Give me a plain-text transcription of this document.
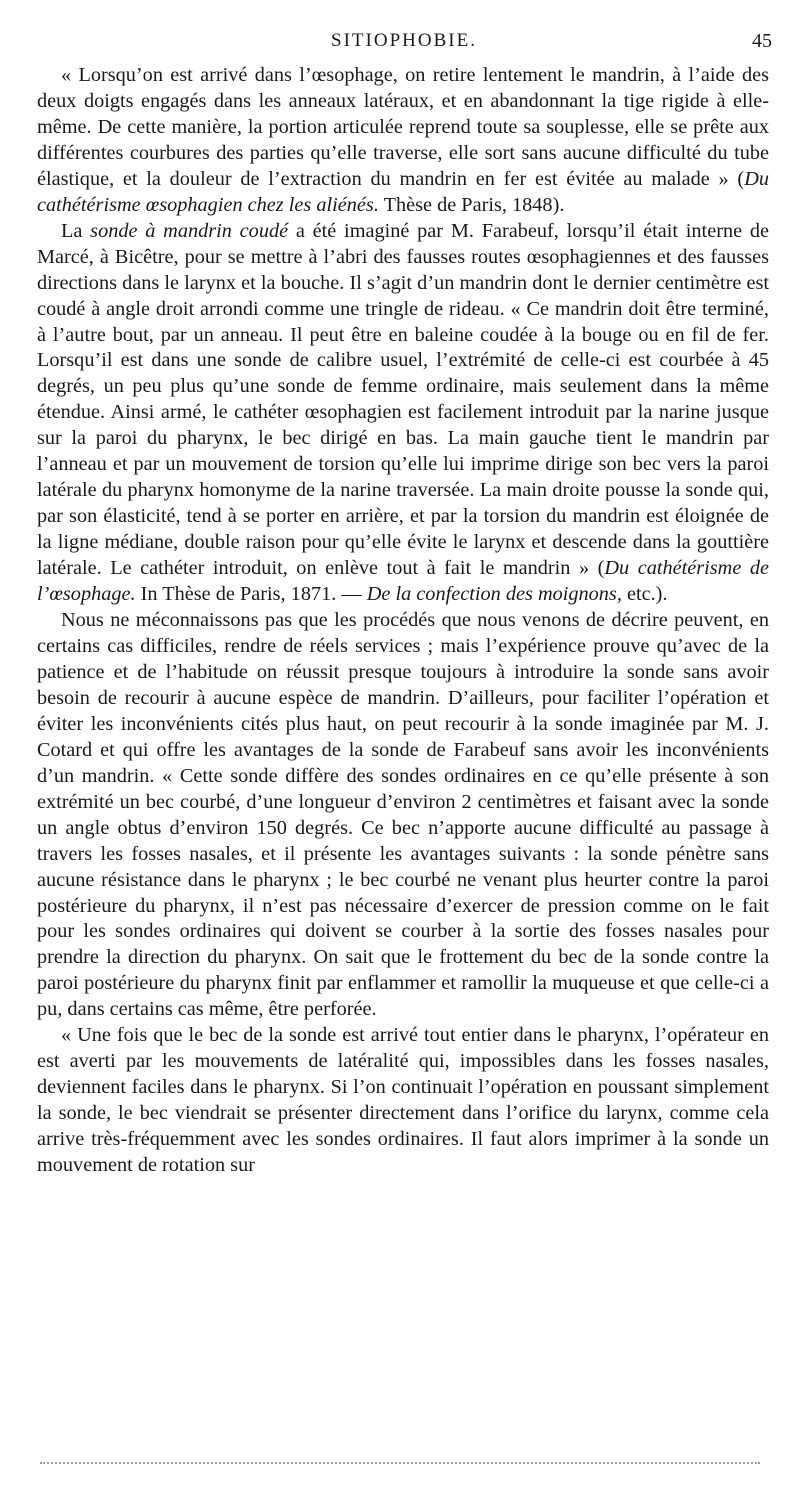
SITIOPHOBIE.	45

« Lorsqu’on est arrivé dans l’œsophage, on retire lentement le mandrin, à l’aide des deux doigts engagés dans les anneaux latéraux, et en abandonnant la tige rigide à elle-même. De cette manière, la portion articulée reprend toute sa souplesse, elle se prête aux différentes courbures des parties qu’elle traverse, elle sort sans aucune difficulté du tube élastique, et la douleur de l’extraction du mandrin en fer est évitée au malade » (Du cathétérisme œsophagien chez les aliénés. Thèse de Paris, 1848).

La sonde à mandrin coudé a été imaginé par M. Farabeuf, lorsqu’il était interne de Marcé, à Bicêtre, pour se mettre à l’abri des fausses routes œsophagiennes et des fausses directions dans le larynx et la bouche. Il s’agit d’un mandrin dont le dernier centimètre est coudé à angle droit arrondi comme une tringle de rideau. « Ce mandrin doit être terminé, à l’autre bout, par un anneau. Il peut être en baleine coudée à la bouge ou en fil de fer. Lorsqu’il est dans une sonde de calibre usuel, l’extrémité de celle-ci est courbée à 45 degrés, un peu plus qu’une sonde de femme ordinaire, mais seulement dans la même étendue. Ainsi armé, le cathéter œsophagien est facilement introduit par la narine jusque sur la paroi du pharynx, le bec dirigé en bas. La main gauche tient le mandrin par l’anneau et par un mouvement de torsion qu’elle lui imprime dirige son bec vers la paroi latérale du pharynx homonyme de la narine traversée. La main droite pousse la sonde qui, par son élasticité, tend à se porter en arrière, et par la torsion du mandrin est éloignée de la ligne médiane, double raison pour qu’elle évite le larynx et descende dans la gouttière latérale. Le cathéter introduit, on enlève tout à fait le mandrin » (Du cathétérisme de l’œsophage. In Thèse de Paris, 1871. — De la confection des moignons, etc.).

Nous ne méconnaissons pas que les procédés que nous venons de décrire peuvent, en certains cas difficiles, rendre de réels services ; mais l’expérience prouve qu’avec de la patience et de l’habitude on réussit presque toujours à introduire la sonde sans avoir besoin de recourir à aucune espèce de mandrin. D’ailleurs, pour faciliter l’opération et éviter les inconvénients cités plus haut, on peut recourir à la sonde imaginée par M. J. Cotard et qui offre les avantages de la sonde de Farabeuf sans avoir les inconvénients d’un mandrin. « Cette sonde diffère des sondes ordinaires en ce qu’elle présente à son extrémité un bec courbé, d’une longueur d’environ 2 centimètres et faisant avec la sonde un angle obtus d’environ 150 degrés. Ce bec n’apporte aucune difficulté au passage à travers les fosses nasales, et il présente les avantages suivants : la sonde pénètre sans aucune résistance dans le pharynx ; le bec courbé ne venant plus heurter contre la paroi postérieure du pharynx, il n’est pas nécessaire d’exercer de pression comme on le fait pour les sondes ordinaires qui doivent se courber à la sortie des fosses nasales pour prendre la direction du pharynx. On sait que le frottement du bec de la sonde contre la paroi postérieure du pharynx finit par enflammer et ramollir la muqueuse et que celle-ci a pu, dans certains cas même, être perforée.

« Une fois que le bec de la sonde est arrivé tout entier dans le pharynx, l’opérateur en est averti par les mouvements de latéralité qui, impossibles dans les fosses nasales, deviennent faciles dans le pharynx. Si l’on continuait l’opération en poussant simplement la sonde, le bec viendrait se présenter directement dans l’orifice du larynx, comme cela arrive très-fréquemment avec les sondes ordinaires. Il faut alors imprimer à la sonde un mouvement de rotation sur
